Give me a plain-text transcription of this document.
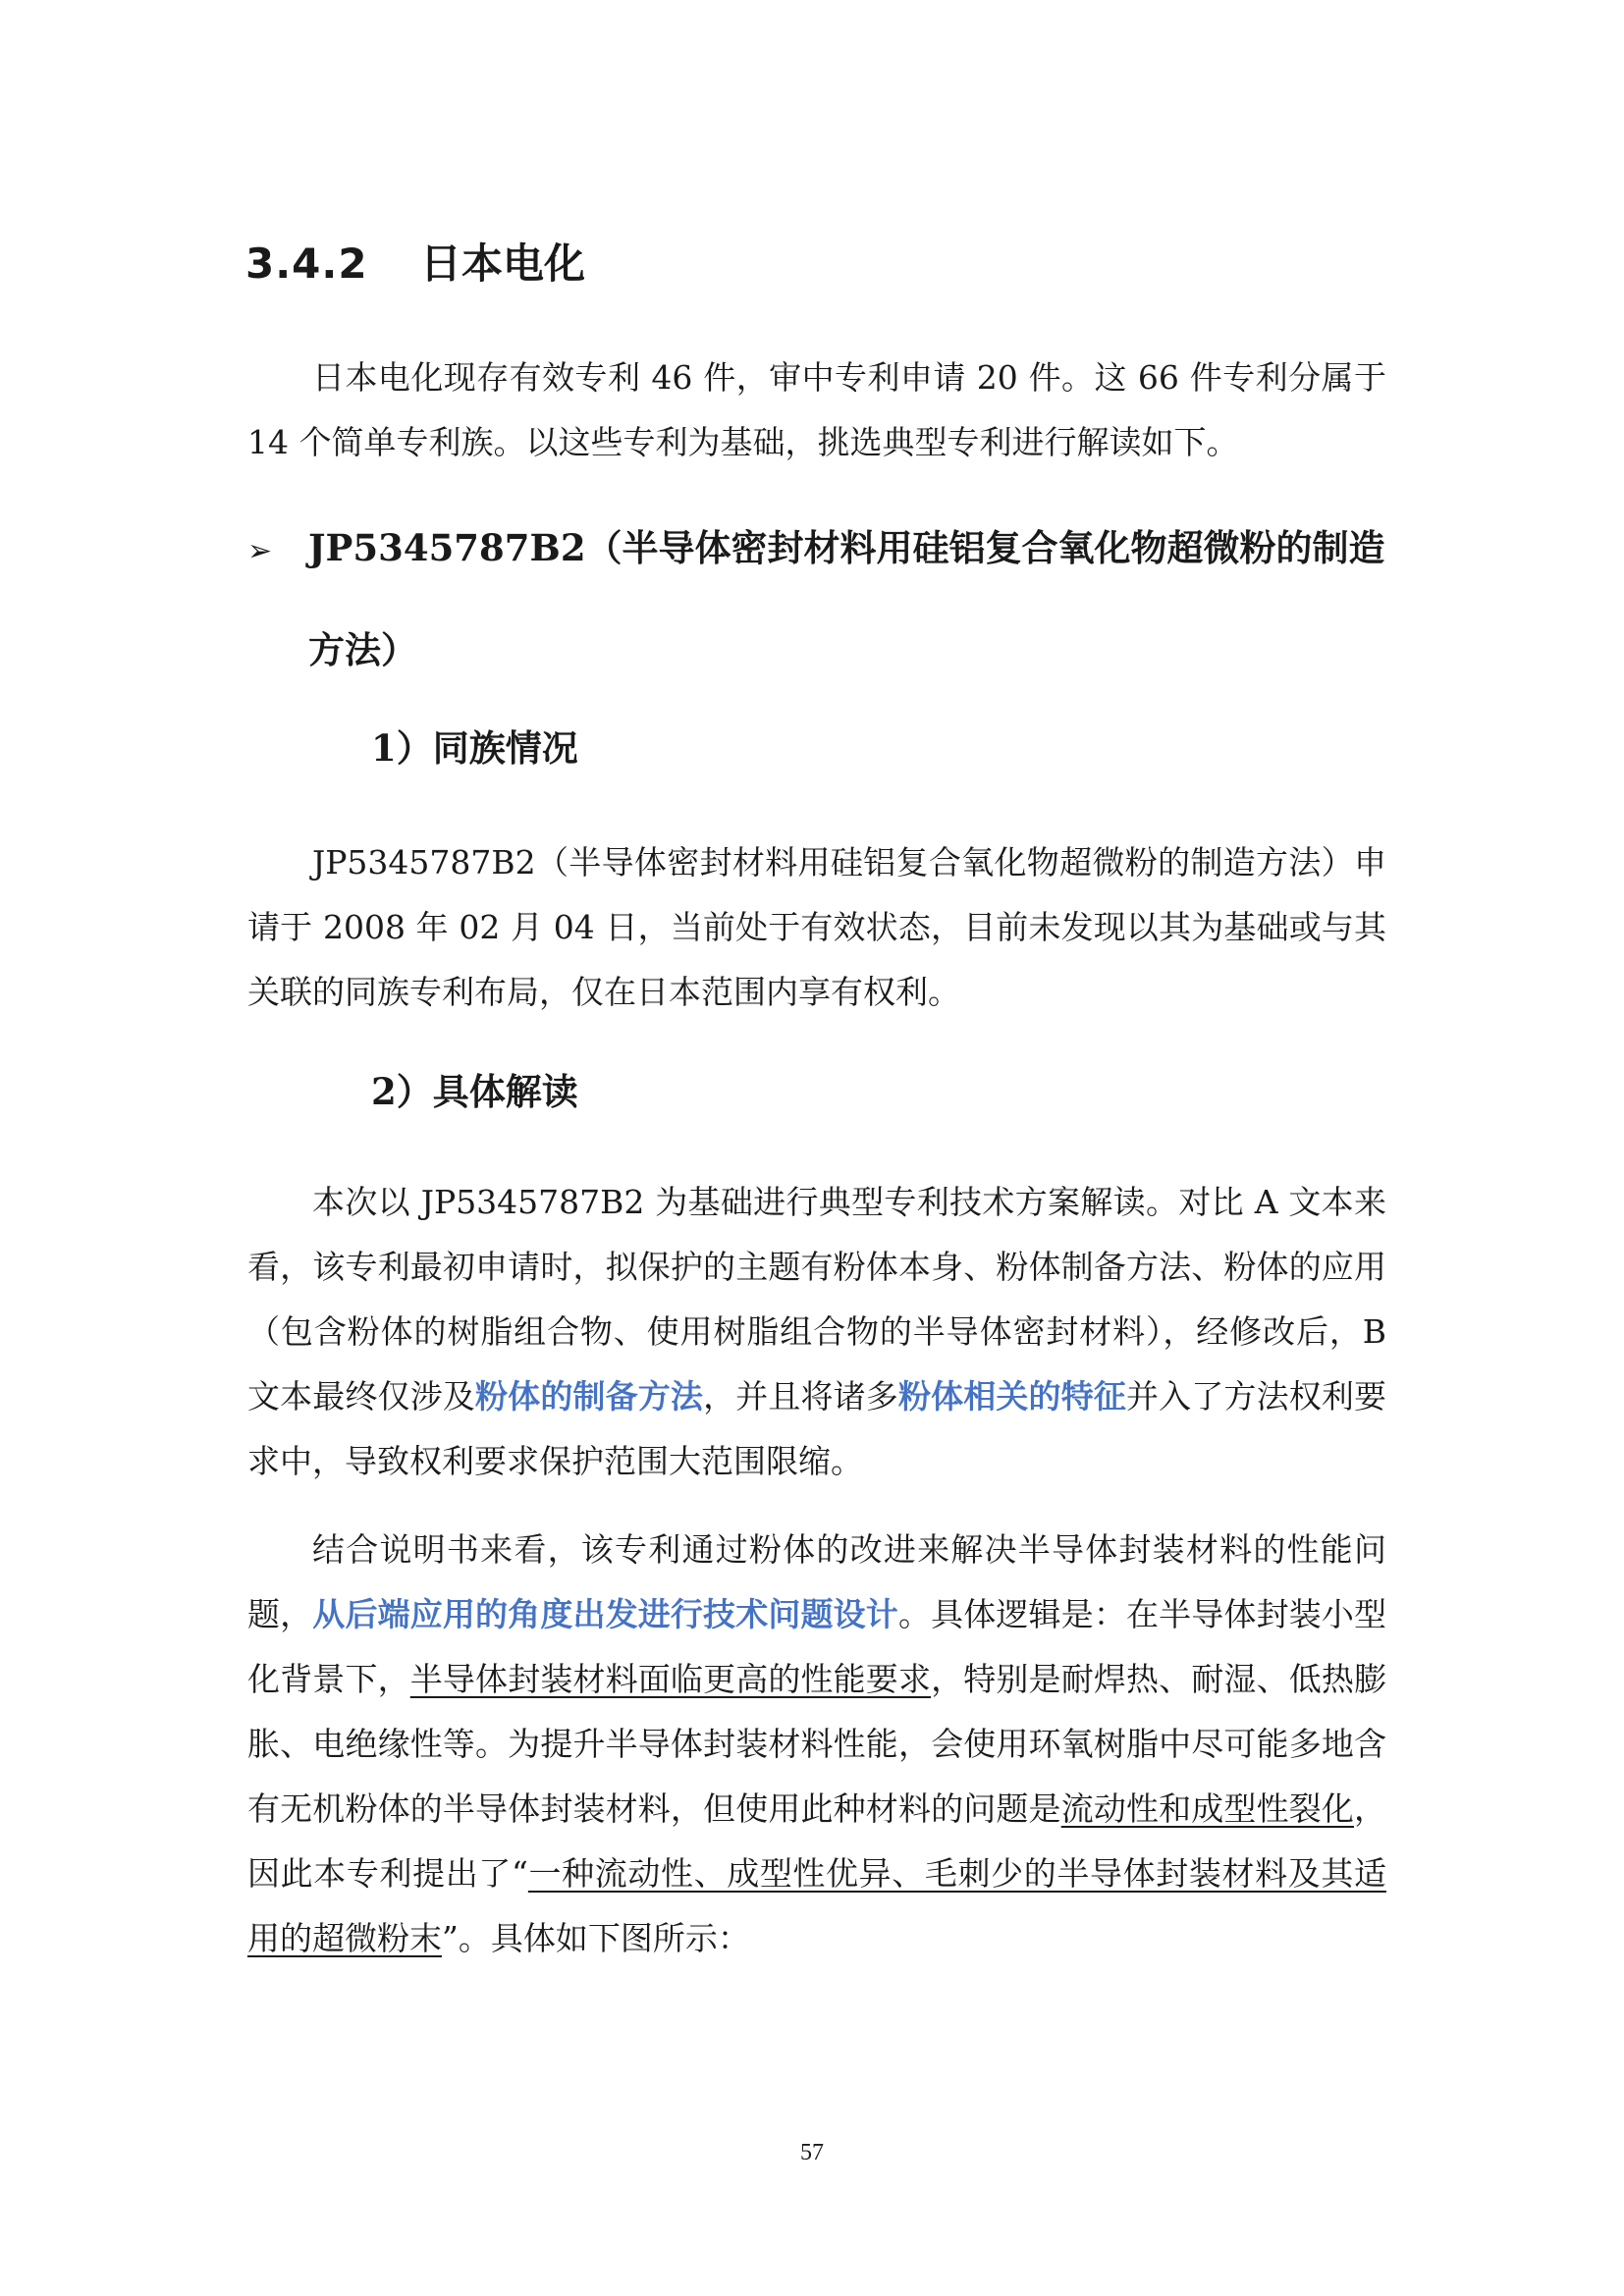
3.4.2 日本电化

日本电化现存有效专利 46 件，审中专利申请 20 件。这 66 件专利分属于 14 个简单专利族。以这些专利为基础，挑选典型专利进行解读如下。

➢ JP5345787B2（半导体密封材料用硅铝复合氧化物超微粉的制造
方法）
1）同族情况

JP5345787B2（半导体密封材料用硅铝复合氧化物超微粉的制造方法）申请于 2008 年 02 月 04 日，当前处于有效状态，目前未发现以其为基础或与其关联的同族专利布局，仅在日本范围内享有权利。

2）具体解读

本次以 JP5345787B2 为基础进行典型专利技术方案解读。对比 A 文本来看，该专利最初申请时，拟保护的主题有粉体本身、粉体制备方法、粉体的应用（包含粉体的树脂组合物、使用树脂组合物的半导体密封材料），经修改后，B 文本最终仅涉及粉体的制备方法，并且将诸多粉体相关的特征并入了方法权利要求中，导致权利要求保护范围大范围限缩。

结合说明书来看，该专利通过粉体的改进来解决半导体封装材料的性能问题，从后端应用的角度出发进行技术问题设计。具体逻辑是：在半导体封装小型化背景下，半导体封装材料面临更高的性能要求，特别是耐焊热、耐湿、低热膨胀、电绝缘性等。为提升半导体封装材料性能，会使用环氧树脂中尽可能多地含有无机粉体的半导体封装材料，但使用此种材料的问题是流动性和成型性裂化，因此本专利提出了“一种流动性、成型性优异、毛刺少的半导体封装材料及其适用的超微粉末”。具体如下图所示：

57
